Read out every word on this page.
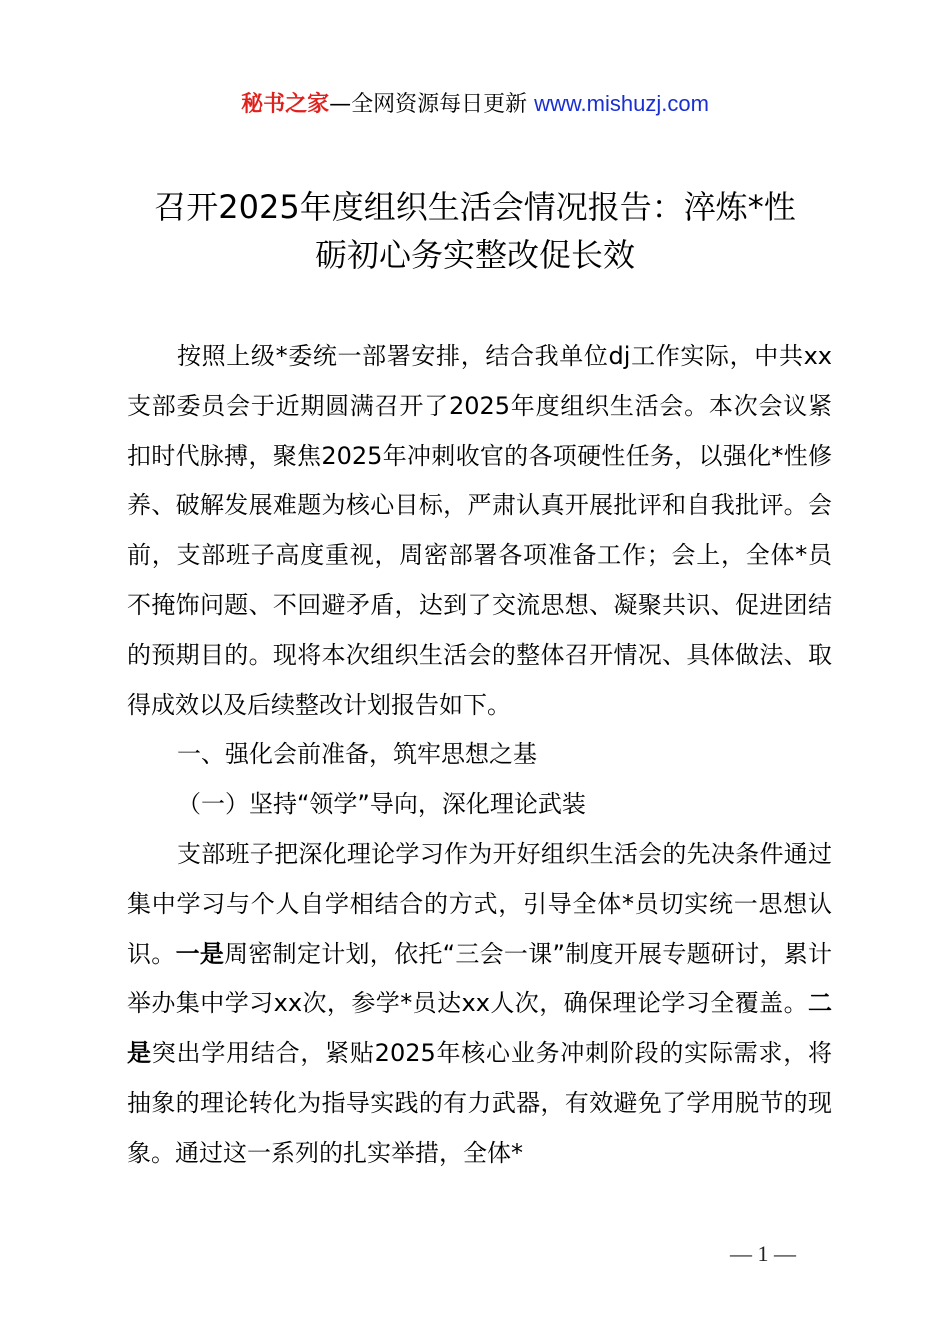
秘书之家—全网资源每日更新 www.mishuzj.com
召开2025年度组织生活会情况报告：淬炼*性
砺初心务实整改促长效

按照上级*委统一部署安排，结合我单位dj工作实际，中共xx支部委员会于近期圆满召开了2025年度组织生活会。本次会议紧扣时代脉搏，聚焦2025年冲刺收官的各项硬性任务，以强化*性修养、破解发展难题为核心目标，严肃认真开展批评和自我批评。会前，支部班子高度重视，周密部署各项准备工作；会上，全体*员不掩饰问题、不回避矛盾，达到了交流思想、凝聚共识、促进团结的预期目的。现将本次组织生活会的整体召开情况、具体做法、取得成效以及后续整改计划报告如下。

一、强化会前准备，筑牢思想之基
（一）坚持“领学”导向，深化理论武装

支部班子把深化理论学习作为开好组织生活会的先决条件通过集中学习与个人自学相结合的方式，引导全体*员切实统一思想认识。一是周密制定计划，依托“三会一课”制度开展专题研讨，累计举办集中学习xx次，参学*员达xx人次，确保理论学习全覆盖。二是突出学用结合，紧贴2025年核心业务冲刺阶段的实际需求，将抽象的理论转化为指导实践的有力武器，有效避免了学用脱节的现象。通过这一系列的扎实举措，全体*

— 1 —
